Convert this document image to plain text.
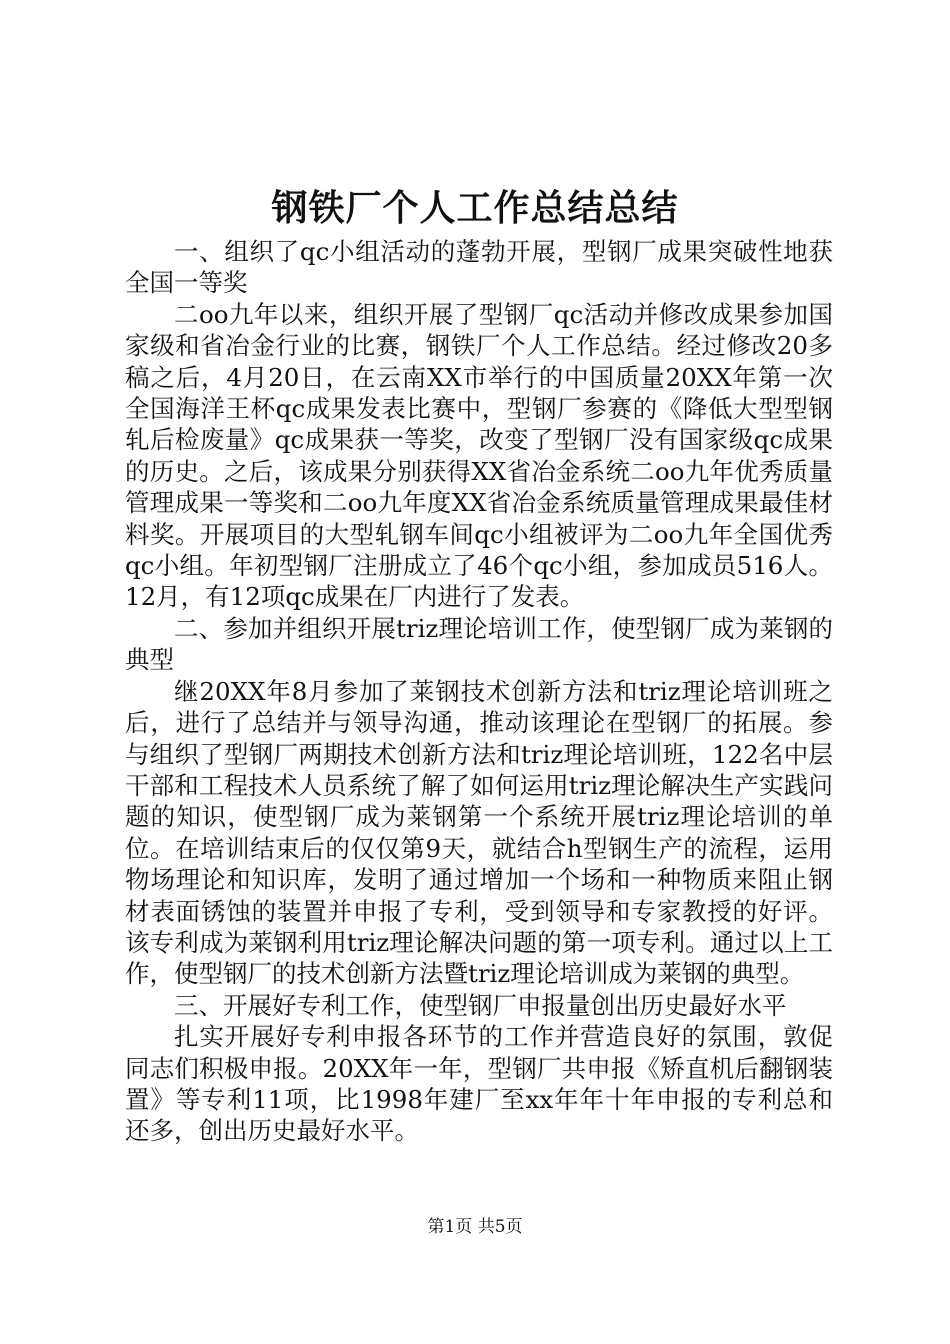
钢铁厂个人工作总结总结

一、组织了qc小组活动的蓬勃开展，型钢厂成果突破性地获全国一等奖

二oo九年以来，组织开展了型钢厂qc活动并修改成果参加国家级和省冶金行业的比赛，钢铁厂个人工作总结。经过修改20多稿之后，4月20日，在云南XX市举行的中国质量20XX年第一次全国海洋王杯qc成果发表比赛中，型钢厂参赛的《降低大型型钢轧后检废量》qc成果获一等奖，改变了型钢厂没有国家级qc成果的历史。之后，该成果分别获得XX省冶金系统二oo九年优秀质量管理成果一等奖和二oo九年度XX省冶金系统质量管理成果最佳材料奖。开展项目的大型轧钢车间qc小组被评为二oo九年全国优秀qc小组。年初型钢厂注册成立了46个qc小组，参加成员516人。12月，有12项qc成果在厂内进行了发表。

二、参加并组织开展triz理论培训工作，使型钢厂成为莱钢的典型

继20XX年8月参加了莱钢技术创新方法和triz理论培训班之后，进行了总结并与领导沟通，推动该理论在型钢厂的拓展。参与组织了型钢厂两期技术创新方法和triz理论培训班，122名中层干部和工程技术人员系统了解了如何运用triz理论解决生产实践问题的知识，使型钢厂成为莱钢第一个系统开展triz理论培训的单位。在培训结束后的仅仅第9天，就结合h型钢生产的流程，运用物场理论和知识库，发明了通过增加一个场和一种物质来阻止钢材表面锈蚀的装置并申报了专利，受到领导和专家教授的好评。该专利成为莱钢利用triz理论解决问题的第一项专利。通过以上工作，使型钢厂的技术创新方法暨triz理论培训成为莱钢的典型。

三、开展好专利工作，使型钢厂申报量创出历史最好水平

扎实开展好专利申报各环节的工作并营造良好的氛围，敦促同志们积极申报。20XX年一年，型钢厂共申报《矫直机后翻钢装置》等专利11项，比1998年建厂至xx年年十年申报的专利总和还多，创出历史最好水平。

第1页 共5页
